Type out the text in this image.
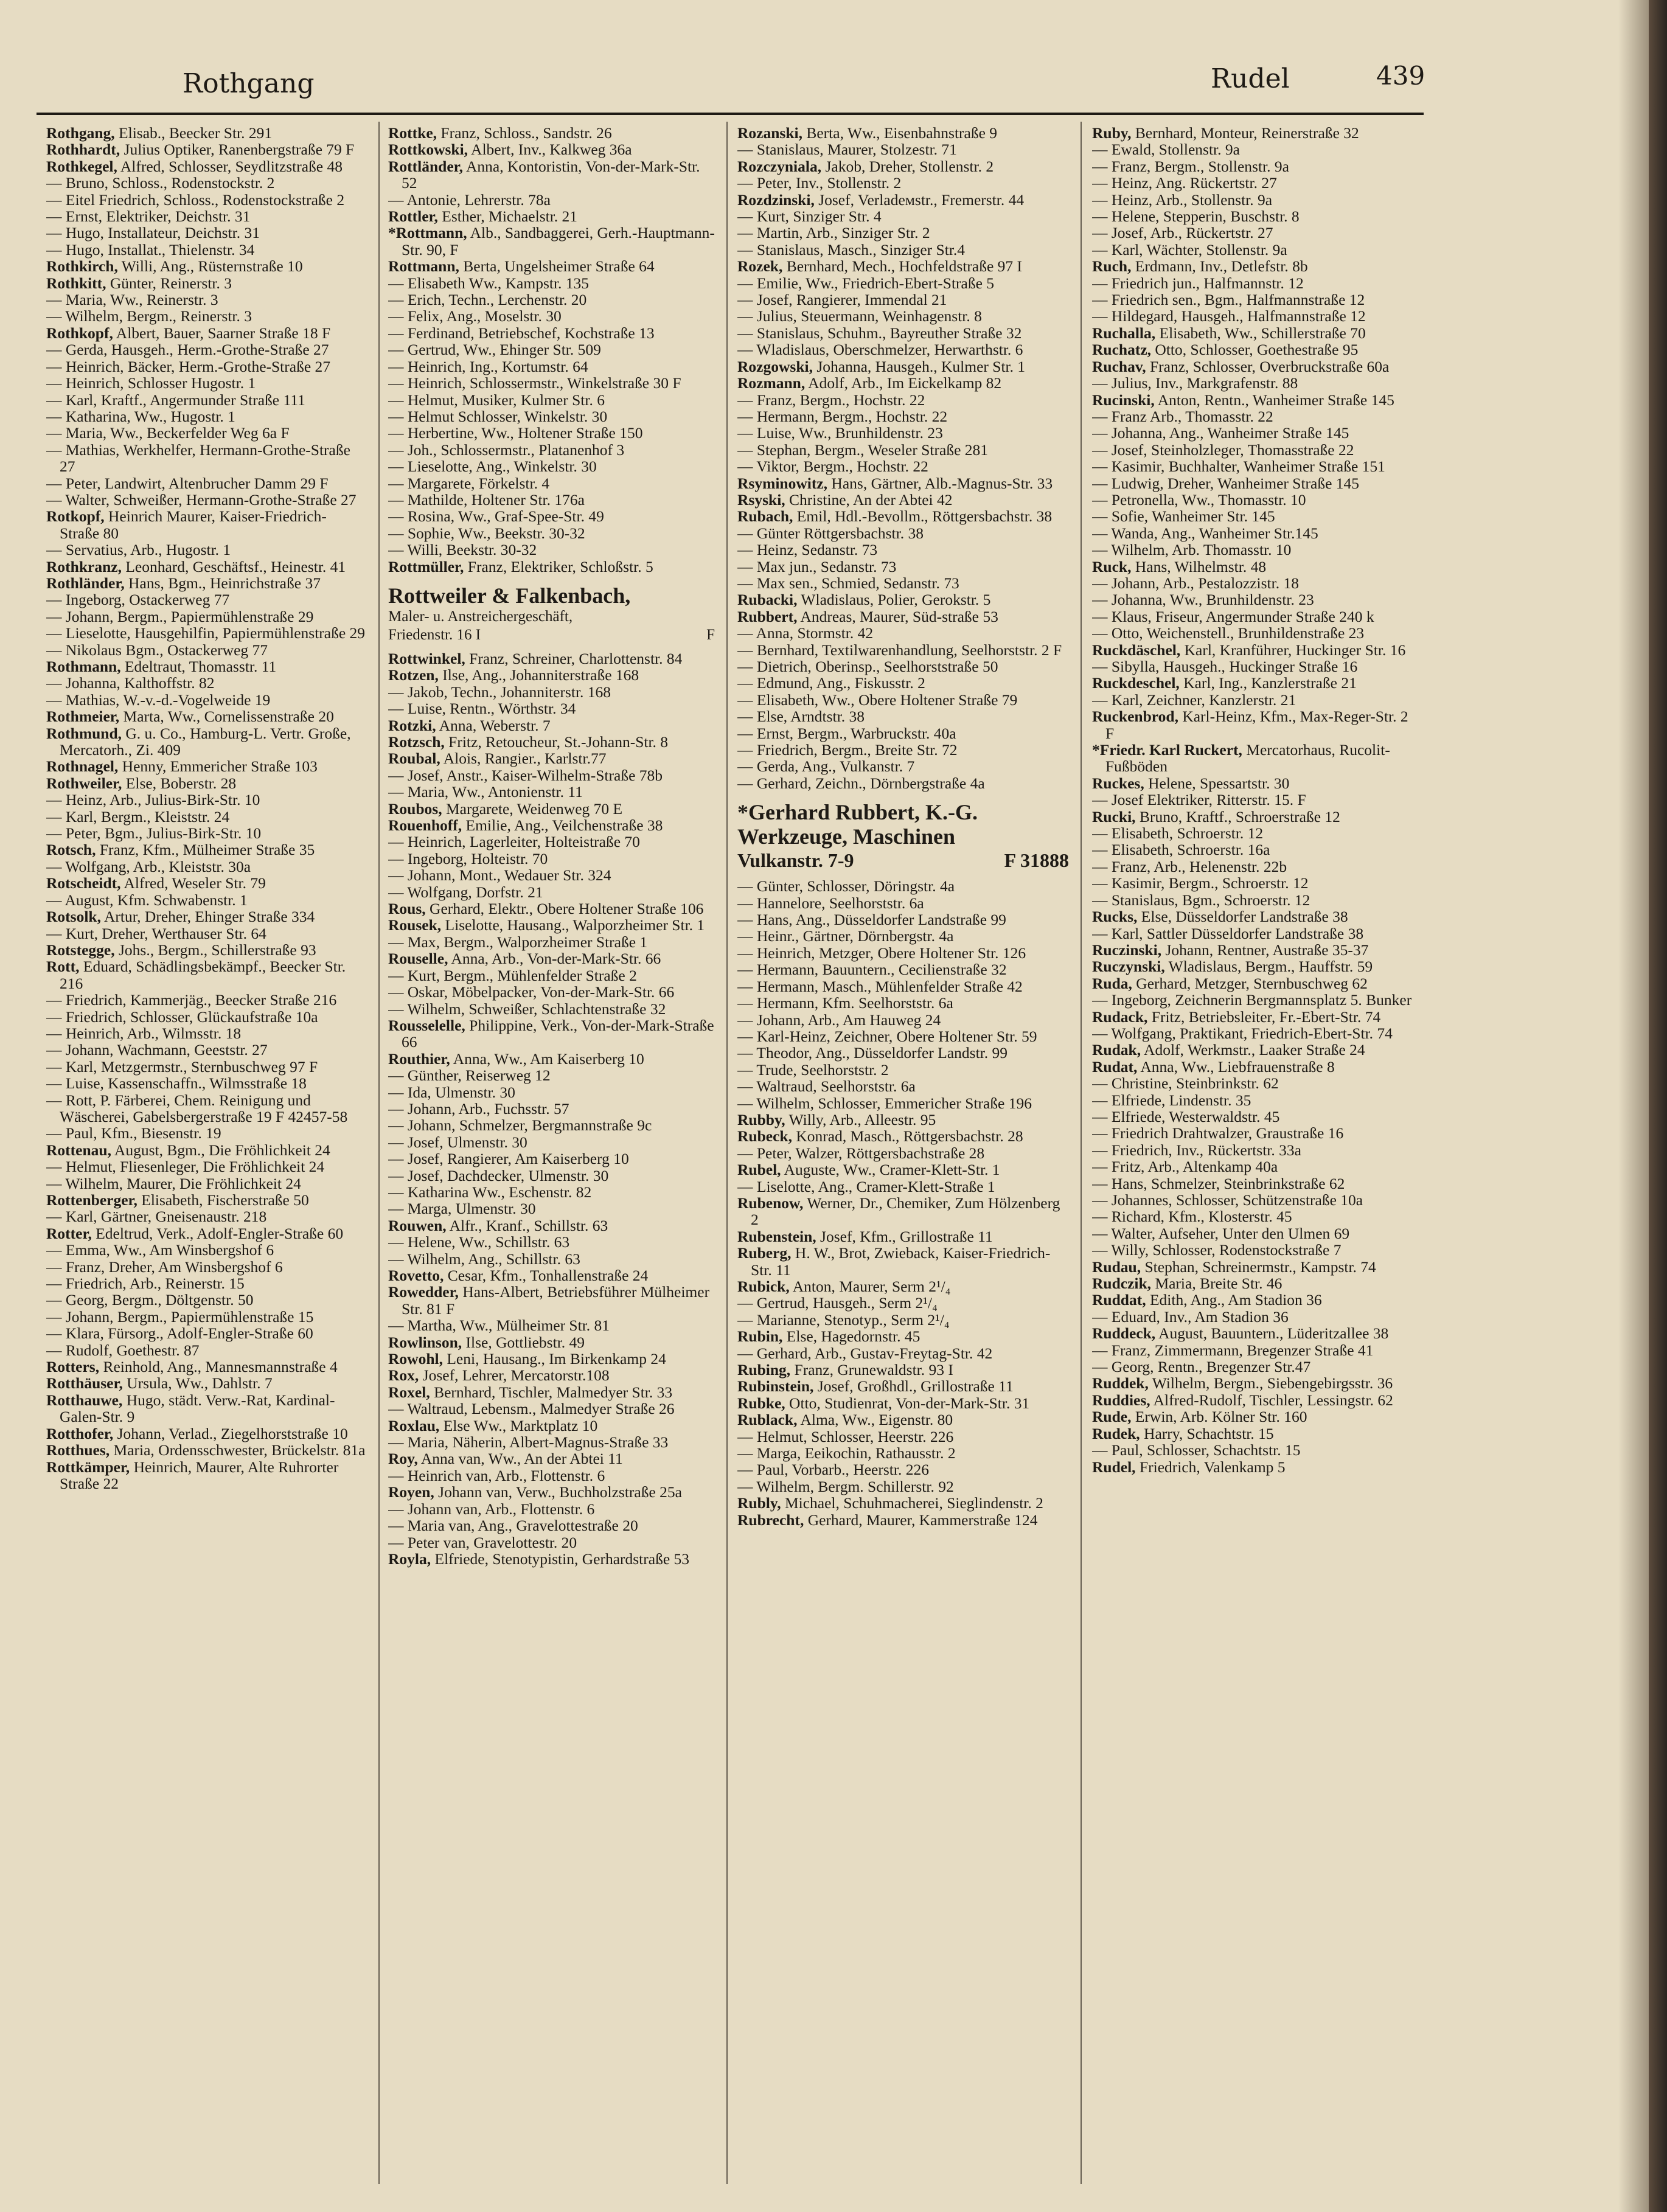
Rothgang	Rudel	439

Rothgang, Elisab., Beecker Str. 291

Rothhardt, Julius Optiker, Ranenbergstraße 79 F

Rothkegel, Alfred, Schlosser, Seydlitzstraße 48

— Bruno, Schloss., Rodenstockstr. 2

— Eitel Friedrich, Schloss., Rodenstockstraße 2

— Ernst, Elektriker, Deichstr. 31

— Hugo, Installateur, Deichstr. 31

— Hugo, Installat., Thielenstr. 34

Rothkirch, Willi, Ang., Rüsternstraße 10

Rothkitt, Günter, Reinerstr. 3

— Maria, Ww., Reinerstr. 3

— Wilhelm, Bergm., Reinerstr. 3

Rothkopf, Albert, Bauer, Saarner Straße 18 F

— Gerda, Hausgeh., Herm.-Grothe-Straße 27

— Heinrich, Bäcker, Herm.-Grothe-Straße 27

— Heinrich, Schlosser Hugostr. 1

— Karl, Kraftf., Angermunder Straße 111

— Katharina, Ww., Hugostr. 1

— Maria, Ww., Beckerfelder Weg 6a F

— Mathias, Werkhelfer, Hermann-Grothe-Straße 27

— Peter, Landwirt, Altenbrucher Damm 29 F

— Walter, Schweißer, Hermann-Grothe-Straße 27

Rotkopf, Heinrich Maurer, Kaiser-Friedrich-Straße 80

— Servatius, Arb., Hugostr. 1

Rothkranz, Leonhard, Geschäftsf., Heinestr. 41

Rothländer, Hans, Bgm., Heinrichstraße 37

— Ingeborg, Ostackerweg 77

— Johann, Bergm., Papiermühlenstraße 29

— Lieselotte, Hausgehilfin, Papiermühlenstraße 29

— Nikolaus Bgm., Ostackerweg 77

Rothmann, Edeltraut, Thomasstr. 11

— Johanna, Kalthoffstr. 82

— Mathias, W.-v.-d.-Vogelweide 19

Rothmeier, Marta, Ww., Cornelissenstraße 20

Rothmund, G. u. Co., Hamburg-L. Vertr. Große, Mercatorh., Zi. 409

Rothnagel, Henny, Emmericher Straße 103

Rothweiler, Else, Boberstr. 28

— Heinz, Arb., Julius-Birk-Str. 10

— Karl, Bergm., Kleiststr. 24

— Peter, Bgm., Julius-Birk-Str. 10

Rotsch, Franz, Kfm., Mülheimer Straße 35

— Wolfgang, Arb., Kleiststr. 30a

Rotscheidt, Alfred, Weseler Str. 79

— August, Kfm. Schwabenstr. 1

Rotsolk, Artur, Dreher, Ehinger Straße 334

— Kurt, Dreher, Werthauser Str. 64

Rotstegge, Johs., Bergm., Schillerstraße 93

Rott, Eduard, Schädlingsbekämpf., Beecker Str. 216

— Friedrich, Kammerjäg., Beecker Straße 216

— Friedrich, Schlosser, Glückaufstraße 10a

— Heinrich, Arb., Wilmsstr. 18

— Johann, Wachmann, Geeststr. 27

— Karl, Metzgermstr., Sternbuschweg 97 F

— Luise, Kassenschaffn., Wilmsstraße 18

— Rott, P. Färberei, Chem. Reinigung und Wäscherei, Gabelsbergerstraße 19 F 42457-58

— Paul, Kfm., Biesenstr. 19

Rottenau, August, Bgm., Die Fröhlichkeit 24

— Helmut, Fliesenleger, Die Fröhlichkeit 24

— Wilhelm, Maurer, Die Fröhlichkeit 24

Rottenberger, Elisabeth, Fischerstraße 50

— Karl, Gärtner, Gneisenaustr. 218

Rotter, Edeltrud, Verk., Adolf-Engler-Straße 60

— Emma, Ww., Am Winsbergshof 6

— Franz, Dreher, Am Winsbergshof 6

— Friedrich, Arb., Reinerstr. 15

— Georg, Bergm., Döltgenstr. 50

— Johann, Bergm., Papiermühlenstraße 15

— Klara, Fürsorg., Adolf-Engler-Straße 60

— Rudolf, Goethestr. 87

Rotters, Reinhold, Ang., Mannesmannstraße 4

Rotthäuser, Ursula, Ww., Dahlstr. 7

Rotthauwe, Hugo, städt. Verw.-Rat, Kardinal-Galen-Str. 9

Rotthofer, Johann, Verlad., Ziegelhorststraße 10

Rotthues, Maria, Ordensschwester, Brückelstr. 81a

Rottkämper, Heinrich, Maurer, Alte Ruhrorter Straße 22

Rottke, Franz, Schloss., Sandstr. 26

Rottkowski, Albert, Inv., Kalkweg 36a

Rottländer, Anna, Kontoristin, Von-der-Mark-Str. 52

— Antonie, Lehrerstr. 78a

Rottler, Esther, Michaelstr. 21

*Rottmann, Alb., Sandbaggerei, Gerh.-Hauptmann-Str. 90, F

Rottmann, Berta, Ungelsheimer Straße 64

— Elisabeth Ww., Kampstr. 135

— Erich, Techn., Lerchenstr. 20

— Felix, Ang., Moselstr. 30

— Ferdinand, Betriebschef, Kochstraße 13

— Gertrud, Ww., Ehinger Str. 509

— Heinrich, Ing., Kortumstr. 64

— Heinrich, Schlossermstr., Winkelstraße 30 F

— Helmut, Musiker, Kulmer Str. 6

— Helmut Schlosser, Winkelstr. 30

— Herbertine, Ww., Holtener Straße 150

— Joh., Schlossermstr., Platanenhof 3

— Lieselotte, Ang., Winkelstr. 30

— Margarete, Förkelstr. 4

— Mathilde, Holtener Str. 176a

— Rosina, Ww., Graf-Spee-Str. 49

— Sophie, Ww., Beekstr. 30-32

— Willi, Beekstr. 30-32

Rottmüller, Franz, Elektriker, Schloßstr. 5

Rottweiler & Falkenbach,
Maler- u. Anstreichergeschäft,
Friedenstr. 16 I	F

Rottwinkel, Franz, Schreiner, Charlottenstr. 84

Rotzen, Ilse, Ang., Johanniterstraße 168

— Jakob, Techn., Johanniterstr. 168

— Luise, Rentn., Wörthstr. 34

Rotzki, Anna, Weberstr. 7

Rotzsch, Fritz, Retoucheur, St.-Johann-Str. 8

Roubal, Alois, Rangier., Karlstr.77

— Josef, Anstr., Kaiser-Wilhelm-Straße 78b

— Maria, Ww., Antonienstr. 11

Roubos, Margarete, Weidenweg 70 E

Rouenhoff, Emilie, Ang., Veilchenstraße 38

— Heinrich, Lagerleiter, Holteistraße 70

— Ingeborg, Holteistr. 70

— Johann, Mont., Wedauer Str. 324

— Wolfgang, Dorfstr. 21

Rous, Gerhard, Elektr., Obere Holtener Straße 106

Rousek, Liselotte, Hausang., Walporzheimer Str. 1

— Max, Bergm., Walporzheimer Straße 1

Rouselle, Anna, Arb., Von-der-Mark-Str. 66

— Kurt, Bergm., Mühlenfelder Straße 2

— Oskar, Möbelpacker, Von-der-Mark-Str. 66

— Wilhelm, Schweißer, Schlachtenstraße 32

Rousselelle, Philippine, Verk., Von-der-Mark-Straße 66

Routhier, Anna, Ww., Am Kaiserberg 10

— Günther, Reiserweg 12

— Ida, Ulmenstr. 30

— Johann, Arb., Fuchsstr. 57

— Johann, Schmelzer, Bergmannstraße 9c

— Josef, Ulmenstr. 30

— Josef, Rangierer, Am Kaiserberg 10

— Josef, Dachdecker, Ulmenstr. 30

— Katharina Ww., Eschenstr. 82

— Marga, Ulmenstr. 30

Rouwen, Alfr., Kranf., Schillstr. 63

— Helene, Ww., Schillstr. 63

— Wilhelm, Ang., Schillstr. 63

Rovetto, Cesar, Kfm., Tonhallenstraße 24

Rowedder, Hans-Albert, Betriebsführer Mülheimer Str. 81 F

— Martha, Ww., Mülheimer Str. 81

Rowlinson, Ilse, Gottliebstr. 49

Rowohl, Leni, Hausang., Im Birkenkamp 24

Rox, Josef, Lehrer, Mercatorstr.108

Roxel, Bernhard, Tischler, Malmedyer Str. 33

— Waltraud, Lebensm., Malmedyer Straße 26

Roxlau, Else Ww., Marktplatz 10

— Maria, Näherin, Albert-Magnus-Straße 33

Roy, Anna van, Ww., An der Abtei 11

— Heinrich van, Arb., Flottenstr. 6

Royen, Johann van, Verw., Buchholzstraße 25a

— Johann van, Arb., Flottenstr. 6

— Maria van, Ang., Gravelottestraße 20

— Peter van, Gravelottestr. 20

Royla, Elfriede, Stenotypistin, Gerhardstraße 53

Rozanski, Berta, Ww., Eisenbahnstraße 9

— Stanislaus, Maurer, Stolzestr. 71

Rozczyniala, Jakob, Dreher, Stollenstr. 2

— Peter, Inv., Stollenstr. 2

Rozdzinski, Josef, Verladeмstr., Fremerstr. 44

— Kurt, Sinziger Str. 4

— Martin, Arb., Sinziger Str. 2

— Stanislaus, Masch., Sinziger Str.4

Rozek, Bernhard, Mech., Hochfeldstraße 97 I

— Emilie, Ww., Friedrich-Ebert-Straße 5

— Josef, Rangierer, Immendal 21

— Julius, Steuermann, Weinhagenstr. 8

— Stanislaus, Schuhm., Bayreuther Straße 32

— Wladislaus, Oberschmelzer, Herwarthstr. 6

Rozgowski, Johanna, Hausgeh., Kulmer Str. 1

Rozmann, Adolf, Arb., Im Eickelkamp 82

— Franz, Bergm., Hochstr. 22

— Hermann, Bergm., Hochstr. 22

— Luise, Ww., Brunhildenstr. 23

— Stephan, Bergm., Weseler Straße 281

— Viktor, Bergm., Hochstr. 22

Rsyminowitz, Hans, Gärtner, Alb.-Magnus-Str. 33

Rsyski, Christine, An der Abtei 42

Rubach, Emil, Hdl.-Bevollm., Röttgersbachstr. 38

— Günter Röttgersbachstr. 38

— Heinz, Sedanstr. 73

— Max jun., Sedanstr. 73

— Max sen., Schmied, Sedanstr. 73

Rubacki, Wladislaus, Polier, Gerokstr. 5

Rubbert, Andreas, Maurer, Süd-straße 53

— Anna, Stormstr. 42

— Bernhard, Textilwarenhandlung, Seelhorststr. 2 F

— Dietrich, Oberinsp., Seelhorststraße 50

— Edmund, Ang., Fiskusstr. 2

— Elisabeth, Ww., Obere Holtener Straße 79

— Else, Arndtstr. 38

— Ernst, Bergm., Warbruckstr. 40a

— Friedrich, Bergm., Breite Str. 72

— Gerda, Ang., Vulkanstr. 7

— Gerhard, Zeichn., Dörnbergstraße 4a

*Gerhard Rubbert, K.-G.
Werkzeuge, Maschinen
Vulkanstr. 7-9	F 31888

— Günter, Schlosser, Döringstr. 4a

— Hannelore, Seelhorststr. 6a

— Hans, Ang., Düsseldorfer Landstraße 99

— Heinr., Gärtner, Dörnbergstr. 4a

— Heinrich, Metzger, Obere Holtener Str. 126

— Hermann, Bauuntern., Cecilienstraße 32

— Hermann, Masch., Mühlenfelder Straße 42

— Hermann, Kfm. Seelhorststr. 6a

— Johann, Arb., Am Hauweg 24

— Karl-Heinz, Zeichner, Obere Holtener Str. 59

— Theodor, Ang., Düsseldorfer Landstr. 99

— Trude, Seelhorststr. 2

— Waltraud, Seelhorststr. 6a

— Wilhelm, Schlosser, Emmericher Straße 196

Rubby, Willy, Arb., Alleestr. 95

Rubeck, Konrad, Masch., Röttgersbachstr. 28

— Peter, Walzer, Röttgersbachstraße 28

Rubel, Auguste, Ww., Cramer-Klett-Str. 1

— Liselotte, Ang., Cramer-Klett-Straße 1

Rubenow, Werner, Dr., Chemiker, Zum Hölzenberg 2

Rubenstein, Josef, Kfm., Grillostraße 11

Ruberg, H. W., Brot, Zwieback, Kaiser-Friedrich-Str. 11

Rubick, Anton, Maurer, Serm 2¹/₄

— Gertrud, Hausgeh., Serm 2¹/₄

— Marianne, Stenotyp., Serm 2¹/₄

Rubin, Else, Hagedornstr. 45

— Gerhard, Arb., Gustav-Freytag-Str. 42

Rubing, Franz, Grunewaldstr. 93 I

Rubinstein, Josef, Großhdl., Grillostraße 11

Rubke, Otto, Studienrat, Von-der-Mark-Str. 31

Rublack, Alma, Ww., Eigenstr. 80

— Helmut, Schlosser, Heerstr. 226

— Marga, Eeikochin, Rathausstr. 2

— Paul, Vorbarb., Heerstr. 226

— Wilhelm, Bergm. Schillerstr. 92

Rubly, Michael, Schuhmacherei, Sieglindenstr. 2

Rubrecht, Gerhard, Maurer, Kammerstraße 124

Ruby, Bernhard, Monteur, Reinerstraße 32

— Ewald, Stollenstr. 9a

— Franz, Bergm., Stollenstr. 9a

— Heinz, Ang. Rückertstr. 27

— Heinz, Arb., Stollenstr. 9a

— Helene, Stepperin, Buschstr. 8

— Josef, Arb., Rückertstr. 27

— Karl, Wächter, Stollenstr. 9a

Ruch, Erdmann, Inv., Detlefstr. 8b

— Friedrich jun., Halfmannstr. 12

— Friedrich sen., Bgm., Halfmannstraße 12

— Hildegard, Hausgeh., Halfmannstraße 12

Ruchalla, Elisabeth, Ww., Schillerstraße 70

Ruchatz, Otto, Schlosser, Goethestraße 95

Ruchav, Franz, Schlosser, Overbruckstraße 60a

— Julius, Inv., Markgrafenstr. 88

Rucinski, Anton, Rentn., Wanheimer Straße 145

— Franz Arb., Thomasstr. 22

— Johanna, Ang., Wanheimer Straße 145

— Josef, Steinholzleger, Thomasstraße 22

— Kasimir, Buchhalter, Wanheimer Straße 151

— Ludwig, Dreher, Wanheimer Straße 145

— Petronella, Ww., Thomasstr. 10

— Sofie, Wanheimer Str. 145

— Wanda, Ang., Wanheimer Str.145

— Wilhelm, Arb. Thomasstr. 10

Ruck, Hans, Wilhelmstr. 48

— Johann, Arb., Pestalozzistr. 18

— Johanna, Ww., Brunhildenstr. 23

— Klaus, Friseur, Angermunder Straße 240 k

— Otto, Weichenstell., Brunhildenstraße 23

Ruckdäschel, Karl, Kranführer, Huckinger Str. 16

— Sibylla, Hausgeh., Huckinger Straße 16

Ruckdeschel, Karl, Ing., Kanzlerstraße 21

— Karl, Zeichner, Kanzlerstr. 21

Ruckenbrod, Karl-Heinz, Kfm., Max-Reger-Str. 2 F

*Friedr. Karl Ruckert, Mercatorhaus, Rucolit-Fußböden

Ruckes, Helene, Spessartstr. 30

— Josef Elektriker, Ritterstr. 15. F

Rucki, Bruno, Kraftf., Schroerstraße 12

— Elisabeth, Schroerstr. 12

— Elisabeth, Schroerstr. 16a

— Franz, Arb., Helenenstr. 22b

— Kasimir, Bergm., Schroerstr. 12

— Stanislaus, Bgm., Schroerstr. 12

Rucks, Else, Düsseldorfer Landstraße 38

— Karl, Sattler Düsseldorfer Landstraße 38

Ruczinski, Johann, Rentner, Austraße 35-37

Ruczynski, Wladislaus, Bergm., Hauffstr. 59

Ruda, Gerhard, Metzger, Sternbuschweg 62

— Ingeborg, Zeichnerin Bergmannsplatz 5. Bunker

Rudack, Fritz, Betriebsleiter, Fr.-Ebert-Str. 74

— Wolfgang, Praktikant, Friedrich-Ebert-Str. 74

Rudak, Adolf, Werkmstr., Laaker Straße 24

Rudat, Anna, Ww., Liebfrauenstraße 8

— Christine, Steinbrinkstr. 62

— Elfriede, Lindenstr. 35

— Elfriede, Westerwaldstr. 45

— Friedrich Drahtwalzer, Graustraße 16

— Friedrich, Inv., Rückertstr. 33a

— Fritz, Arb., Altenkamp 40a

— Hans, Schmelzer, Steinbrinkstraße 62

— Johannes, Schlosser, Schützenstraße 10a

— Richard, Kfm., Klosterstr. 45

— Walter, Aufseher, Unter den Ulmen 69

— Willy, Schlosser, Rodenstockstraße 7

Rudau, Stephan, Schreinermstr., Kampstr. 74

Rudczik, Maria, Breite Str. 46

Ruddat, Edith, Ang., Am Stadion 36

— Eduard, Inv., Am Stadion 36

Ruddeck, August, Bauuntern., Lüderitzallee 38

— Franz, Zimmermann, Bregenzer Straße 41

— Georg, Rentn., Bregenzer Str.47

Ruddek, Wilhelm, Bergm., Siebengebirgsstr. 36

Ruddies, Alfred-Rudolf, Tischler, Lessingstr. 62

Rude, Erwin, Arb. Kölner Str. 160

Rudek, Harry, Schachtstr. 15

— Paul, Schlosser, Schachtstr. 15

Rudel, Friedrich, Valenkamp 5
